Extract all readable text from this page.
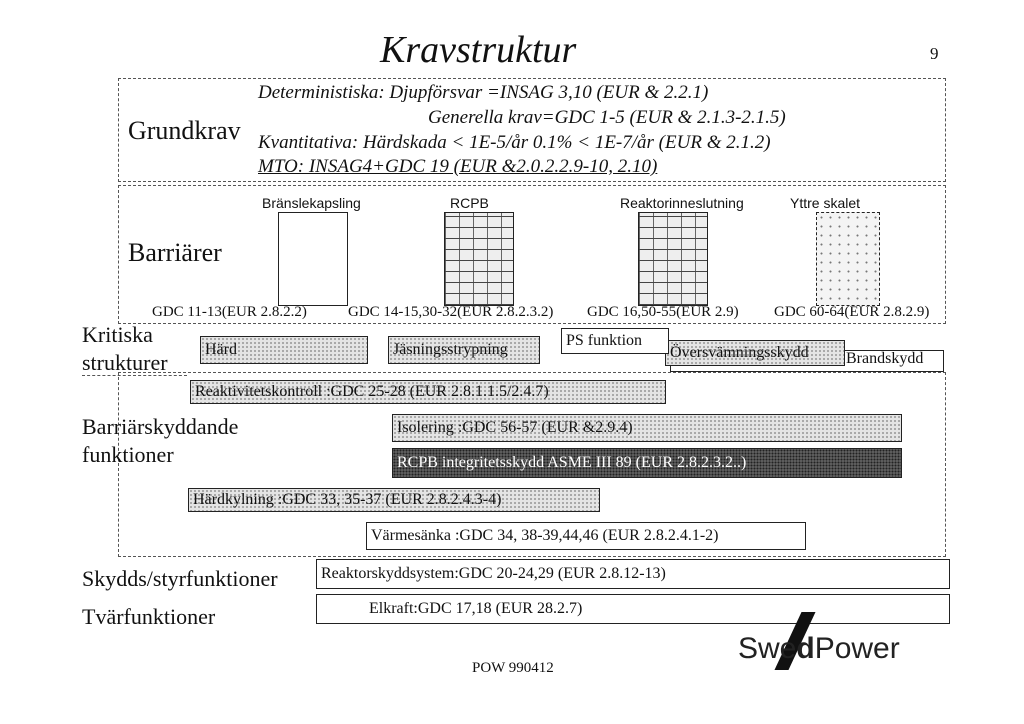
Kravstruktur	9
Grundkrav
Deterministiska: Djupförsvar =INSAG 3,10 (EUR & 2.2.1)
Generella krav=GDC 1-5 (EUR & 2.1.3-2.1.5)
Kvantitativa: Härdskada < 1E-5/år 0.1% < 1E-7/år (EUR & 2.1.2)
MTO: INSAG4+GDC 19 (EUR &2.0.2.2.9-10, 2.10)
Barriärer
Bränslekapsling	RCPB	Reaktorinneslutning	Yttre skalet
GDC 11-13(EUR 2.8.2.2)	GDC 14-15,30-32(EUR 2.8.2.3.2) GDC 16,50-55(EUR 2.9) GDC 60-64(EUR 2.8.2.9)
Kritiska
strukturer
Härd	Jäsningsstrypning
Brandskydd
Översvämningsskydd
PS funktion
Barriärskyddande
funktioner
Reaktivitetskontroll :GDC 25-28 (EUR 2.8.1.1.5/2.4.7)
Isolering :GDC 56-57 (EUR &2.9.4)
RCPB integritetsskydd ASME III 89 (EUR 2.8.2.3.2..)
Härdkylning :GDC 33, 35-37 (EUR 2.8.2.4.3-4)
Värmesänka :GDC 34, 38-39,44,46 (EUR 2.8.2.4.1-2)
Skydds/styrfunktioner	Reaktorskyddsystem:GDC 20-24,29 (EUR 2.8.12-13)
Tvärfunktioner	Elkraft:GDC 17,18 (EUR 28.2.7)
POW 990412
SwedPower
